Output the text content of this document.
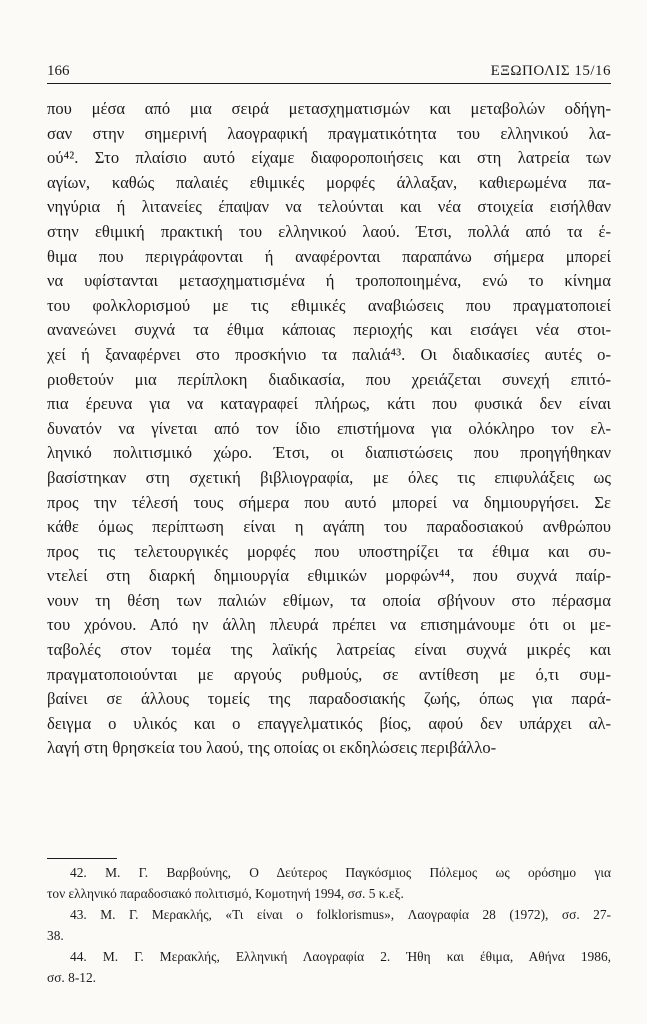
166	ΕΞΩΠΟΛΙΣ 15/16
που μέσα από μια σειρά μετασχηματισμών και μεταβολών οδήγη-
σαν στην σημερινή λαογραφική πραγματικότητα του ελληνικού λα-
ού⁴². Στο πλαίσιο αυτό είχαμε διαφοροποιήσεις και στη λατρεία των
αγίων, καθώς παλαιές εθιμικές μορφές άλλαξαν, καθιερωμένα πα-
νηγύρια ή λιτανείες έπαψαν να τελούνται και νέα στοιχεία εισήλθαν
στην εθιμική πρακτική του ελληνικού λαού. Έτσι, πολλά από τα έ-
θιμα που περιγράφονται ή αναφέρονται παραπάνω σήμερα μπορεί
να υφίστανται μετασχηματισμένα ή τροποποιημένα, ενώ το κίνημα
του φολκλορισμού με τις εθιμικές αναβιώσεις που πραγματοποιεί
ανανεώνει συχνά τα έθιμα κάποιας περιοχής και εισάγει νέα στοι-
χεί ή ξαναφέρνει στο προσκήνιο τα παλιά⁴³. Οι διαδικασίες αυτές ο-
ριοθετούν μια περίπλοκη διαδικασία, που χρειάζεται συνεχή επιτό-
πια έρευνα για να καταγραφεί πλήρως, κάτι που φυσικά δεν είναι
δυνατόν να γίνεται από τον ίδιο επιστήμονα για ολόκληρο τον ελ-
ληνικό πολιτισμικό χώρο. Έτσι, οι διαπιστώσεις που προηγήθηκαν
βασίστηκαν στη σχετική βιβλιογραφία, με όλες τις επιφυλάξεις ως
προς την τέλεσή τους σήμερα που αυτό μπορεί να δημιουργήσει. Σε
κάθε όμως περίπτωση είναι η αγάπη του παραδοσιακού ανθρώπου
προς τις τελετουργικές μορφές που υποστηρίζει τα έθιμα και συ-
ντελεί στη διαρκή δημιουργία εθιμικών μορφών⁴⁴, που συχνά παίρ-
νουν τη θέση των παλιών εθίμων, τα οποία σβήνουν στο πέρασμα
του χρόνου. Από ην άλλη πλευρά πρέπει να επισημάνουμε ότι οι με-
ταβολές στον τομέα της λαϊκής λατρείας είναι συχνά μικρές και
πραγματοποιούνται με αργούς ρυθμούς, σε αντίθεση με ό,τι συμ-
βαίνει σε άλλους τομείς της παραδοσιακής ζωής, όπως για παρά-
δειγμα ο υλικός και ο επαγγελματικός βίος, αφού δεν υπάρχει αλ-
λαγή στη θρησκεία του λαού, της οποίας οι εκδηλώσεις περιβάλλο-
42. Μ. Γ. Βαρβούνης, Ο Δεύτερος Παγκόσμιος Πόλεμος ως ορόσημο για
τον ελληνικό παραδοσιακό πολιτισμό, Κομοτηνή 1994, σσ. 5 κ.εξ.
43. Μ. Γ. Μερακλής, «Τι είναι ο folklorismus», Λαογραφία 28 (1972), σσ. 27-
38.
44. Μ. Γ. Μερακλής, Ελληνική Λαογραφία 2. Ήθη και έθιμα, Αθήνα 1986,
σσ. 8-12.
